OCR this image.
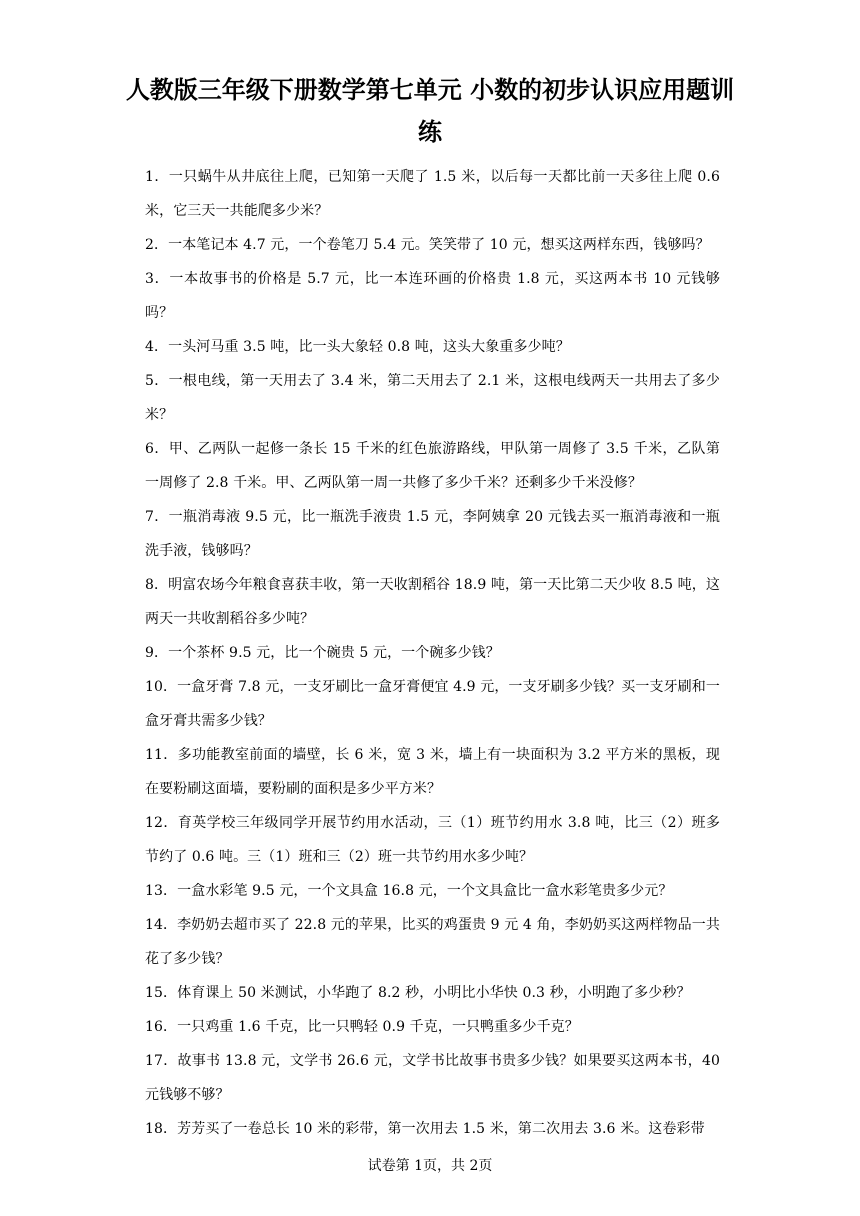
人教版三年级下册数学第七单元 小数的初步认识应用题训
练
1．一只蜗牛从井底往上爬，已知第一天爬了 1.5 米，以后每一天都比前一天多往上爬 0.6 米，它三天一共能爬多少米？
2．一本笔记本 4.7 元，一个卷笔刀 5.4 元。笑笑带了 10 元，想买这两样东西，钱够吗？
3．一本故事书的价格是 5.7 元，比一本连环画的价格贵 1.8 元，买这两本书 10 元钱够吗？
4．一头河马重 3.5 吨，比一头大象轻 0.8 吨，这头大象重多少吨？
5．一根电线，第一天用去了 3.4 米，第二天用去了 2.1 米，这根电线两天一共用去了多少米？
6．甲、乙两队一起修一条长 15 千米的红色旅游路线，甲队第一周修了 3.5 千米，乙队第一周修了 2.8 千米。甲、乙两队第一周一共修了多少千米？还剩多少千米没修？
7．一瓶消毒液 9.5 元，比一瓶洗手液贵 1.5 元，李阿姨拿 20 元钱去买一瓶消毒液和一瓶洗手液，钱够吗？
8．明富农场今年粮食喜获丰收，第一天收割稻谷 18.9 吨，第一天比第二天少收 8.5 吨，这两天一共收割稻谷多少吨？
9．一个茶杯 9.5 元，比一个碗贵 5 元，一个碗多少钱？
10．一盒牙膏 7.8 元，一支牙刷比一盒牙膏便宜 4.9 元，一支牙刷多少钱？买一支牙刷和一盒牙膏共需多少钱？
11．多功能教室前面的墙壁，长 6 米，宽 3 米，墙上有一块面积为 3.2 平方米的黑板，现在要粉刷这面墙，要粉刷的面积是多少平方米？
12．育英学校三年级同学开展节约用水活动，三（1）班节约用水 3.8 吨，比三（2）班多节约了 0.6 吨。三（1）班和三（2）班一共节约用水多少吨？
13．一盒水彩笔 9.5 元，一个文具盒 16.8 元，一个文具盒比一盒水彩笔贵多少元？
14．李奶奶去超市买了 22.8 元的苹果，比买的鸡蛋贵 9 元 4 角，李奶奶买这两样物品一共花了多少钱？
15．体育课上 50 米测试，小华跑了 8.2 秒，小明比小华快 0.3 秒，小明跑了多少秒？
16．一只鸡重 1.6 千克，比一只鸭轻 0.9 千克，一只鸭重多少千克？
17．故事书 13.8 元，文学书 26.6 元，文学书比故事书贵多少钱？如果要买这两本书，40 元钱够不够？
18．芳芳买了一卷总长 10 米的彩带，第一次用去 1.5 米，第二次用去 3.6 米。这卷彩带
试卷第 1页，共 2页
